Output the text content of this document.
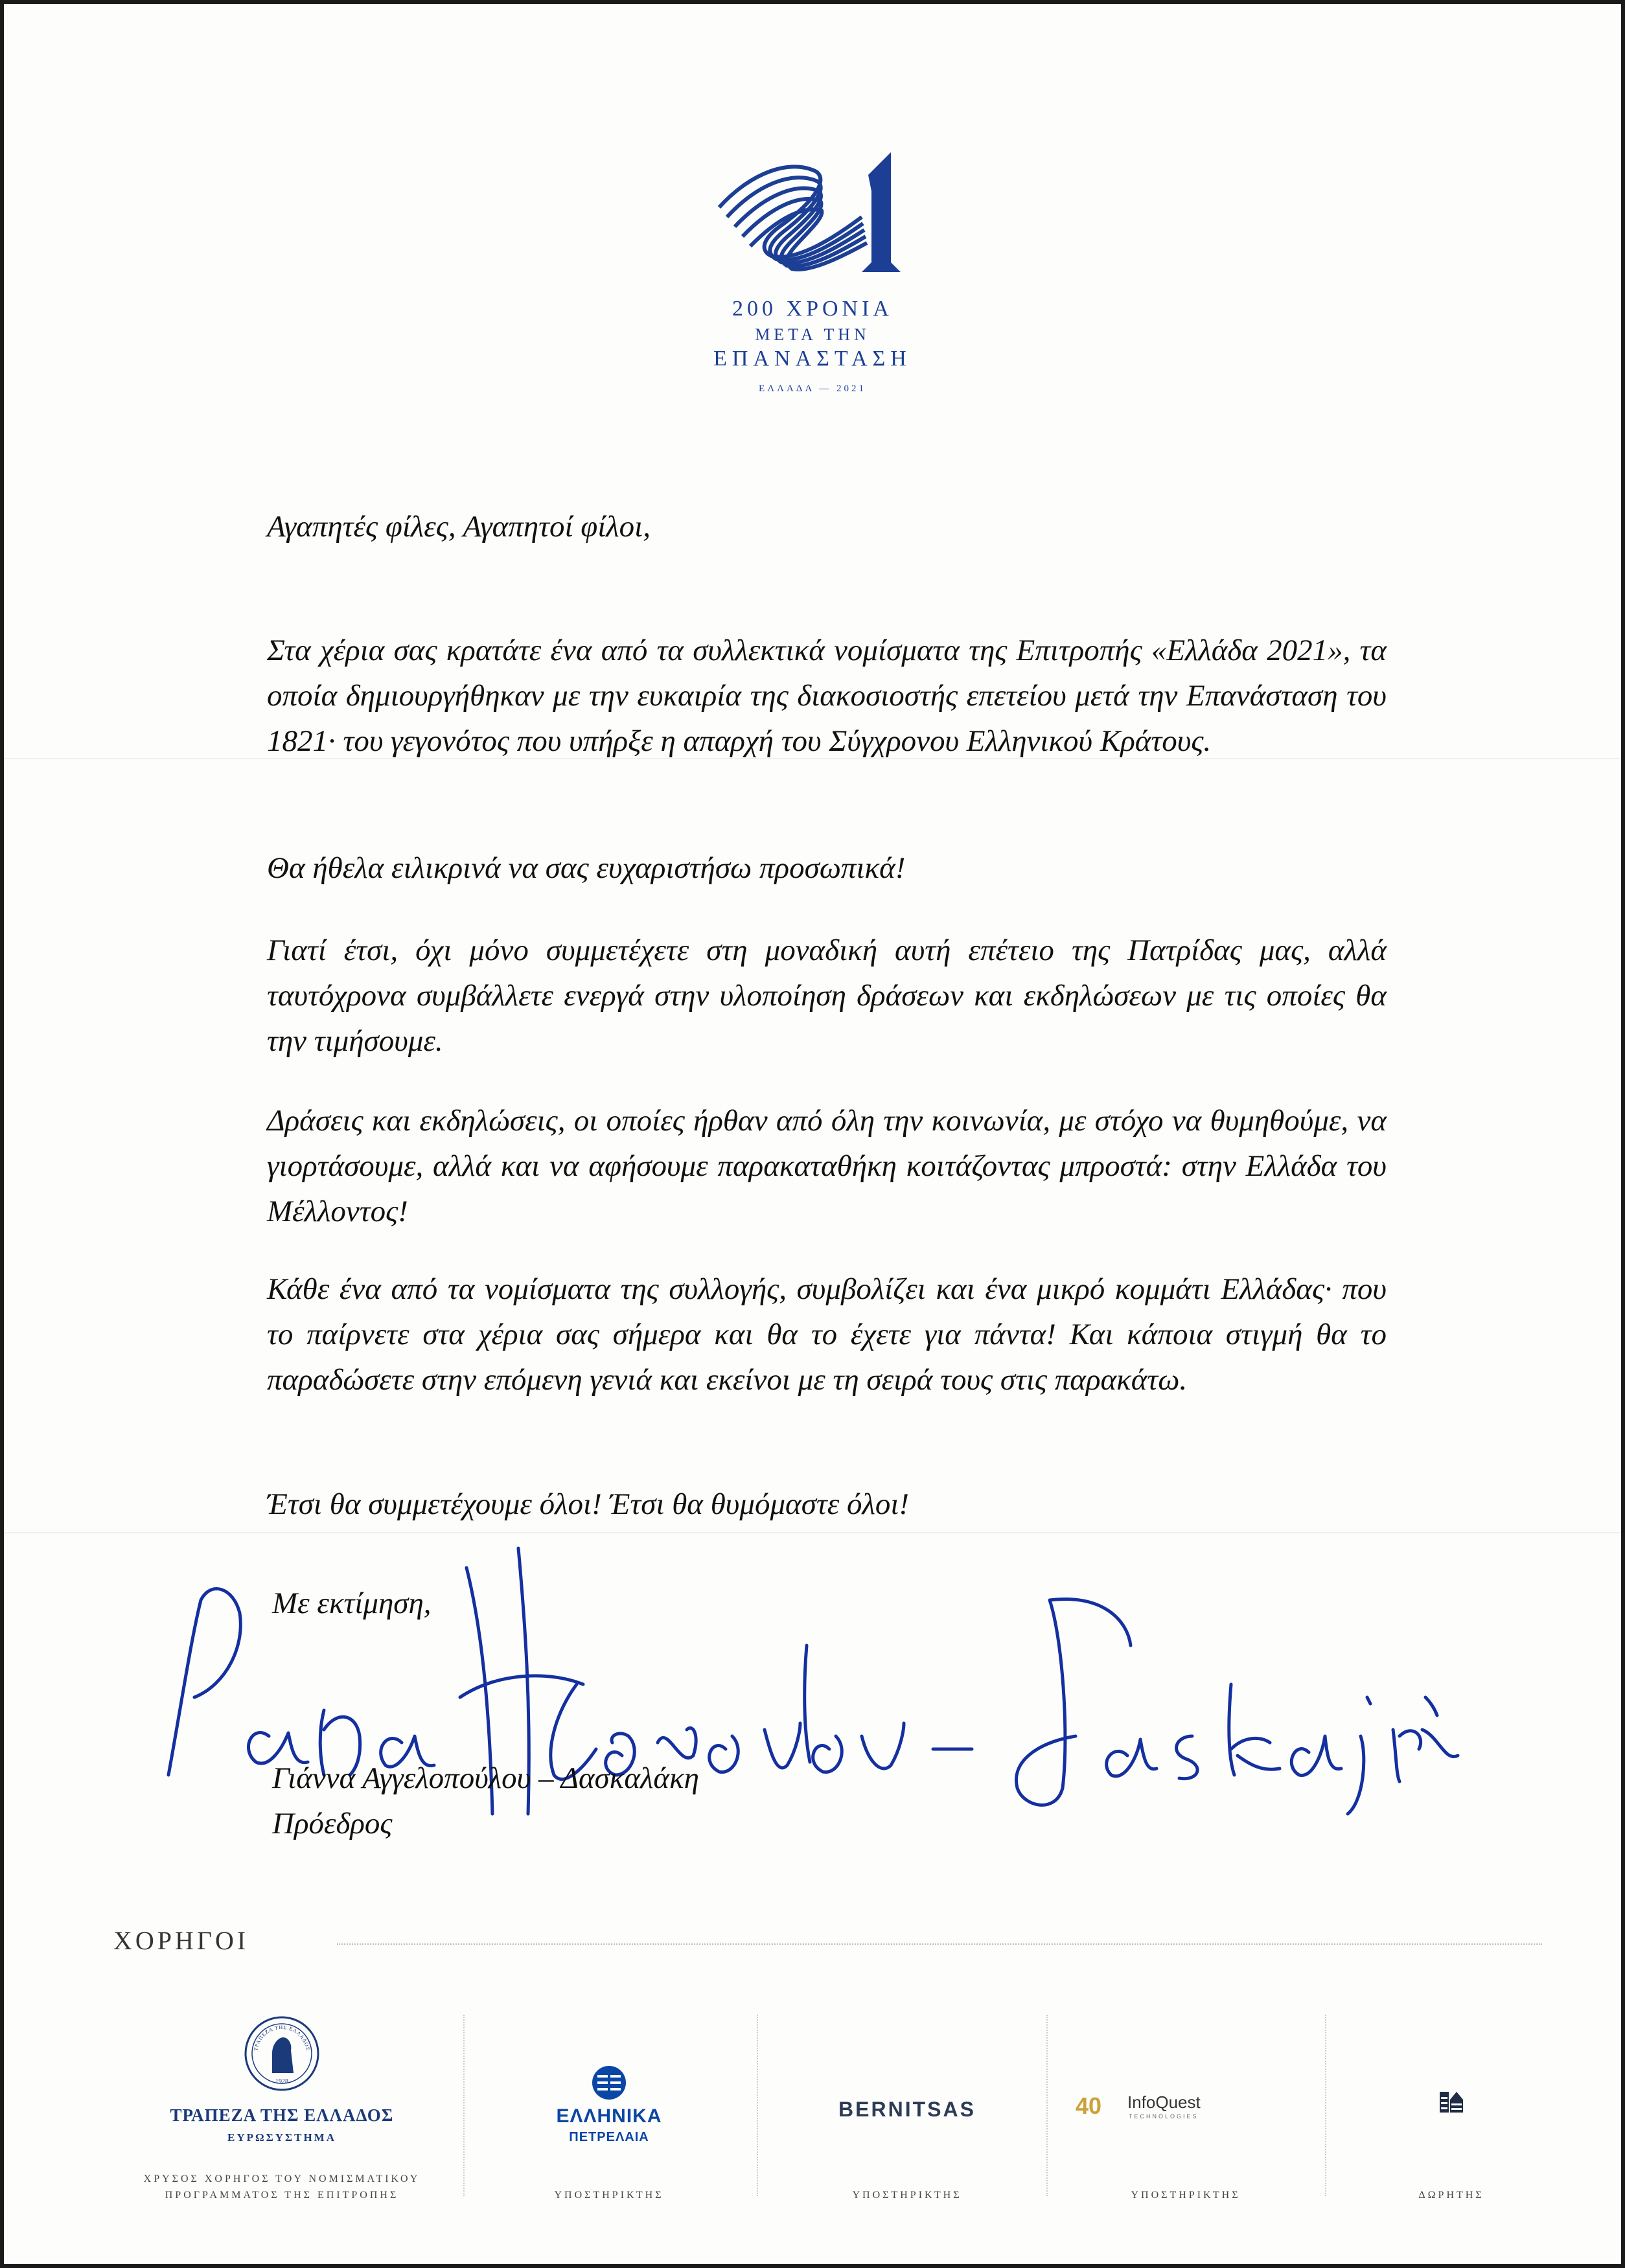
200 ΧΡΟΝΙΑ
ΜΕΤΑ ΤΗΝ
ΕΠΑΝΑΣΤΑΣΗ
ΕΛΛΑΔΑ — 2021
Αγαπητές φίλες, Αγαπητοί φίλοι,

Στα χέρια σας κρατάτε ένα από τα συλλεκτικά νομίσματα της Επιτροπής «Ελλάδα 2021», τα οποία δημιουργήθηκαν με την ευκαιρία της διακοσιοστής επετείου μετά την Επανάσταση του 1821· του γεγονότος που υπήρξε η απαρχή του Σύγχρονου Ελληνικού Κράτους.

Θα ήθελα ειλικρινά να σας ευχαριστήσω προσωπικά!

Γιατί έτσι, όχι μόνο συμμετέχετε στη μοναδική αυτή επέτειο της Πατρίδας μας, αλλά ταυτόχρονα συμβάλλετε ενεργά στην υλοποίηση δράσεων και εκδηλώσεων με τις οποίες θα την τιμήσουμε.

Δράσεις και εκδηλώσεις, οι οποίες ήρθαν από όλη την κοινωνία, με στόχο να θυμηθούμε, να γιορτάσουμε, αλλά και να αφήσουμε παρακαταθήκη κοιτάζοντας μπροστά: στην Ελλάδα του Μέλλοντος!

Κάθε ένα από τα νομίσματα της συλλογής, συμβολίζει και ένα μικρό κομμάτι Ελλάδας· που το παίρνετε στα χέρια σας σήμερα και θα το έχετε για πάντα! Και κάποια στιγμή θα το παραδώσετε στην επόμενη γενιά και εκείνοι με τη σειρά τους στις παρακάτω.

Έτσι θα συμμετέχουμε όλοι! Έτσι θα θυμόμαστε όλοι!

Με εκτίμηση,
Γιάννα Αγγελοπούλου – Δασκαλάκη
Πρόεδρος
ΧΟΡΗΓΟΙ
ΤΡΑΠΕΖΑ ΤΗΣ ΕΛΛΑΔΟΣ
1928
ΤΡΑΠΕΖΑ ΤΗΣ ΕΛΛΑΔΟΣ
ΕΥΡΩΣΥΣΤΗΜΑ
ΧΡΥΣΟΣ ΧΟΡΗΓΟΣ ΤΟΥ ΝΟΜΙΣΜΑΤΙΚΟΥ
ΠΡΟΓΡΑΜΜΑΤΟΣ ΤΗΣ ΕΠΙΤΡΟΠΗΣ
ΕΛΛΗΝΙΚΑ
ΠΕΤΡΕΛΑΙΑ
ΥΠΟΣΤΗΡΙΚΤΗΣ
BERNITSAS
ΥΠΟΣΤΗΡΙΚΤΗΣ
40 InfoQuest
TECHNOLOGIES
ΥΠΟΣΤΗΡΙΚΤΗΣ	ΔΩΡΗΤΗΣ
